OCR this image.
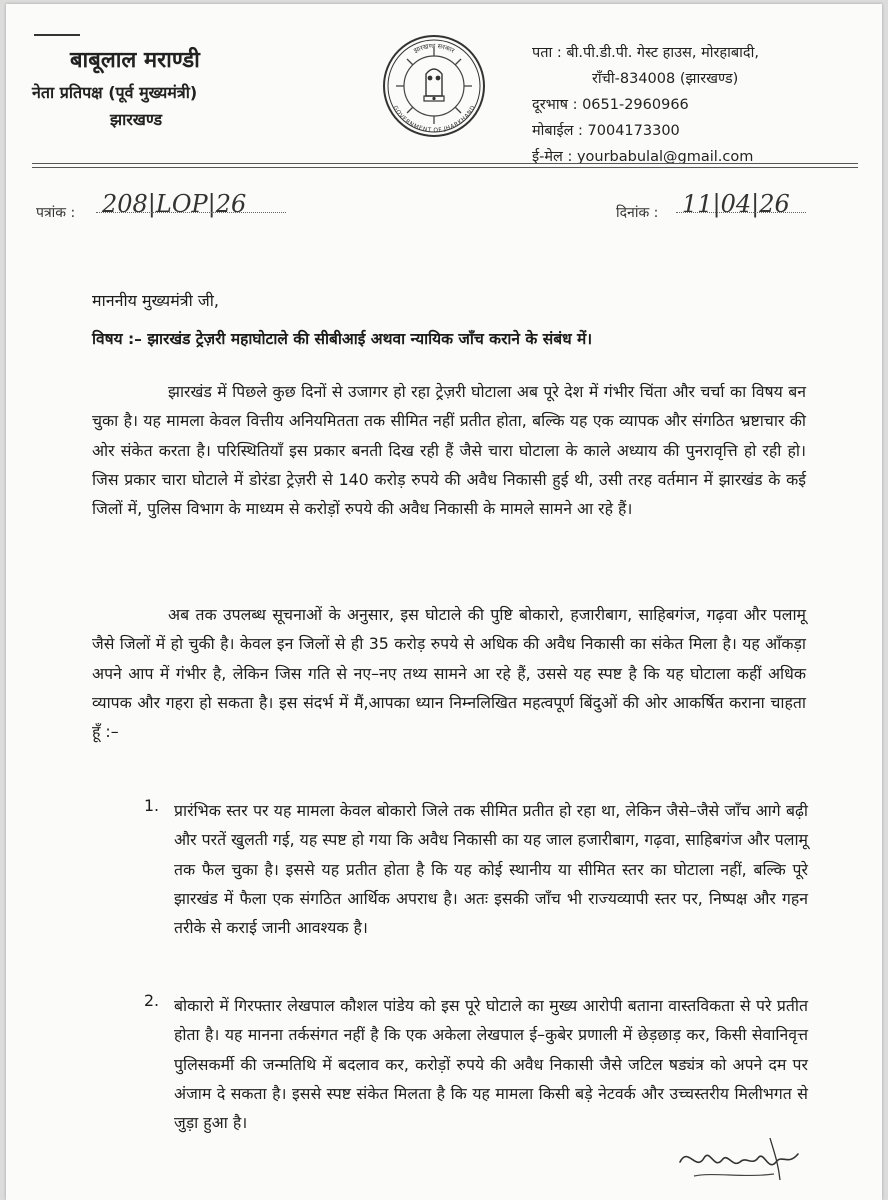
बाबूलाल मराण्डी
नेता प्रतिपक्ष (पूर्व मुख्यमंत्री)
झारखण्ड
झारखण्ड सरकार
GOVERNMENT OF JHARKHAND
पता : बी.पी.डी.पी. गेस्ट हाउस, मोरहाबादी,
राँची-834008 (झारखण्ड)
दूरभाष : 0651-2960966
मोबाईल : 7004173300
ई-मेल : yourbabulal@gmail.com
पत्रांक : 208|LOP|26	दिनांक : 11|04|26
माननीय मुख्यमंत्री जी,
विषय :– झारखंड ट्रेज़री महाघोटाले की सीबीआई अथवा न्यायिक जाँच कराने के संबंध में।
झारखंड में पिछले कुछ दिनों से उजागर हो रहा ट्रेज़री घोटाला अब पूरे देश में गंभीर चिंता और चर्चा का विषय बन चुका है। यह मामला केवल वित्तीय अनियमितता तक सीमित नहीं प्रतीत होता, बल्कि यह एक व्यापक और संगठित भ्रष्टाचार की ओर संकेत करता है। परिस्थितियाँ इस प्रकार बनती दिख रही हैं जैसे चारा घोटाला के काले अध्याय की पुनरावृत्ति हो रही हो। जिस प्रकार चारा घोटाले में डोरंडा ट्रेज़री से 140 करोड़ रुपये की अवैध निकासी हुई थी, उसी तरह वर्तमान में झारखंड के कई जिलों में, पुलिस विभाग के माध्यम से करोड़ों रुपये की अवैध निकासी के मामले सामने आ रहे हैं।
अब तक उपलब्ध सूचनाओं के अनुसार, इस घोटाले की पुष्टि बोकारो, हजारीबाग, साहिबगंज, गढ़वा और पलामू जैसे जिलों में हो चुकी है। केवल इन जिलों से ही 35 करोड़ रुपये से अधिक की अवैध निकासी का संकेत मिला है। यह आँकड़ा अपने आप में गंभीर है, लेकिन जिस गति से नए–नए तथ्य सामने आ रहे हैं, उससे यह स्पष्ट है कि यह घोटाला कहीं अधिक व्यापक और गहरा हो सकता है। इस संदर्भ में मैं,आपका ध्यान निम्नलिखित महत्वपूर्ण बिंदुओं की ओर आकर्षित कराना चाहता हूँ :–
1. प्रारंभिक स्तर पर यह मामला केवल बोकारो जिले तक सीमित प्रतीत हो रहा था, लेकिन जैसे–जैसे जाँच आगे बढ़ी और परतें खुलती गई, यह स्पष्ट हो गया कि अवैध निकासी का यह जाल हजारीबाग, गढ़वा, साहिबगंज और पलामू तक फैल चुका है। इससे यह प्रतीत होता है कि यह कोई स्थानीय या सीमित स्तर का घोटाला नहीं, बल्कि पूरे झारखंड में फैला एक संगठित आर्थिक अपराध है। अतः इसकी जाँच भी राज्यव्यापी स्तर पर, निष्पक्ष और गहन तरीके से कराई जानी आवश्यक है।
2. बोकारो में गिरफ्तार लेखपाल कौशल पांडेय को इस पूरे घोटाले का मुख्य आरोपी बताना वास्तविकता से परे प्रतीत होता है। यह मानना तर्कसंगत नहीं है कि एक अकेला लेखपाल ई–कुबेर प्रणाली में छेड़छाड़ कर, किसी सेवानिवृत्त पुलिसकर्मी की जन्मतिथि में बदलाव कर, करोड़ों रुपये की अवैध निकासी जैसे जटिल षड्यंत्र को अपने दम पर अंजाम दे सकता है। इससे स्पष्ट संकेत मिलता है कि यह मामला किसी बड़े नेटवर्क और उच्चस्तरीय मिलीभगत से जुड़ा हुआ है।
